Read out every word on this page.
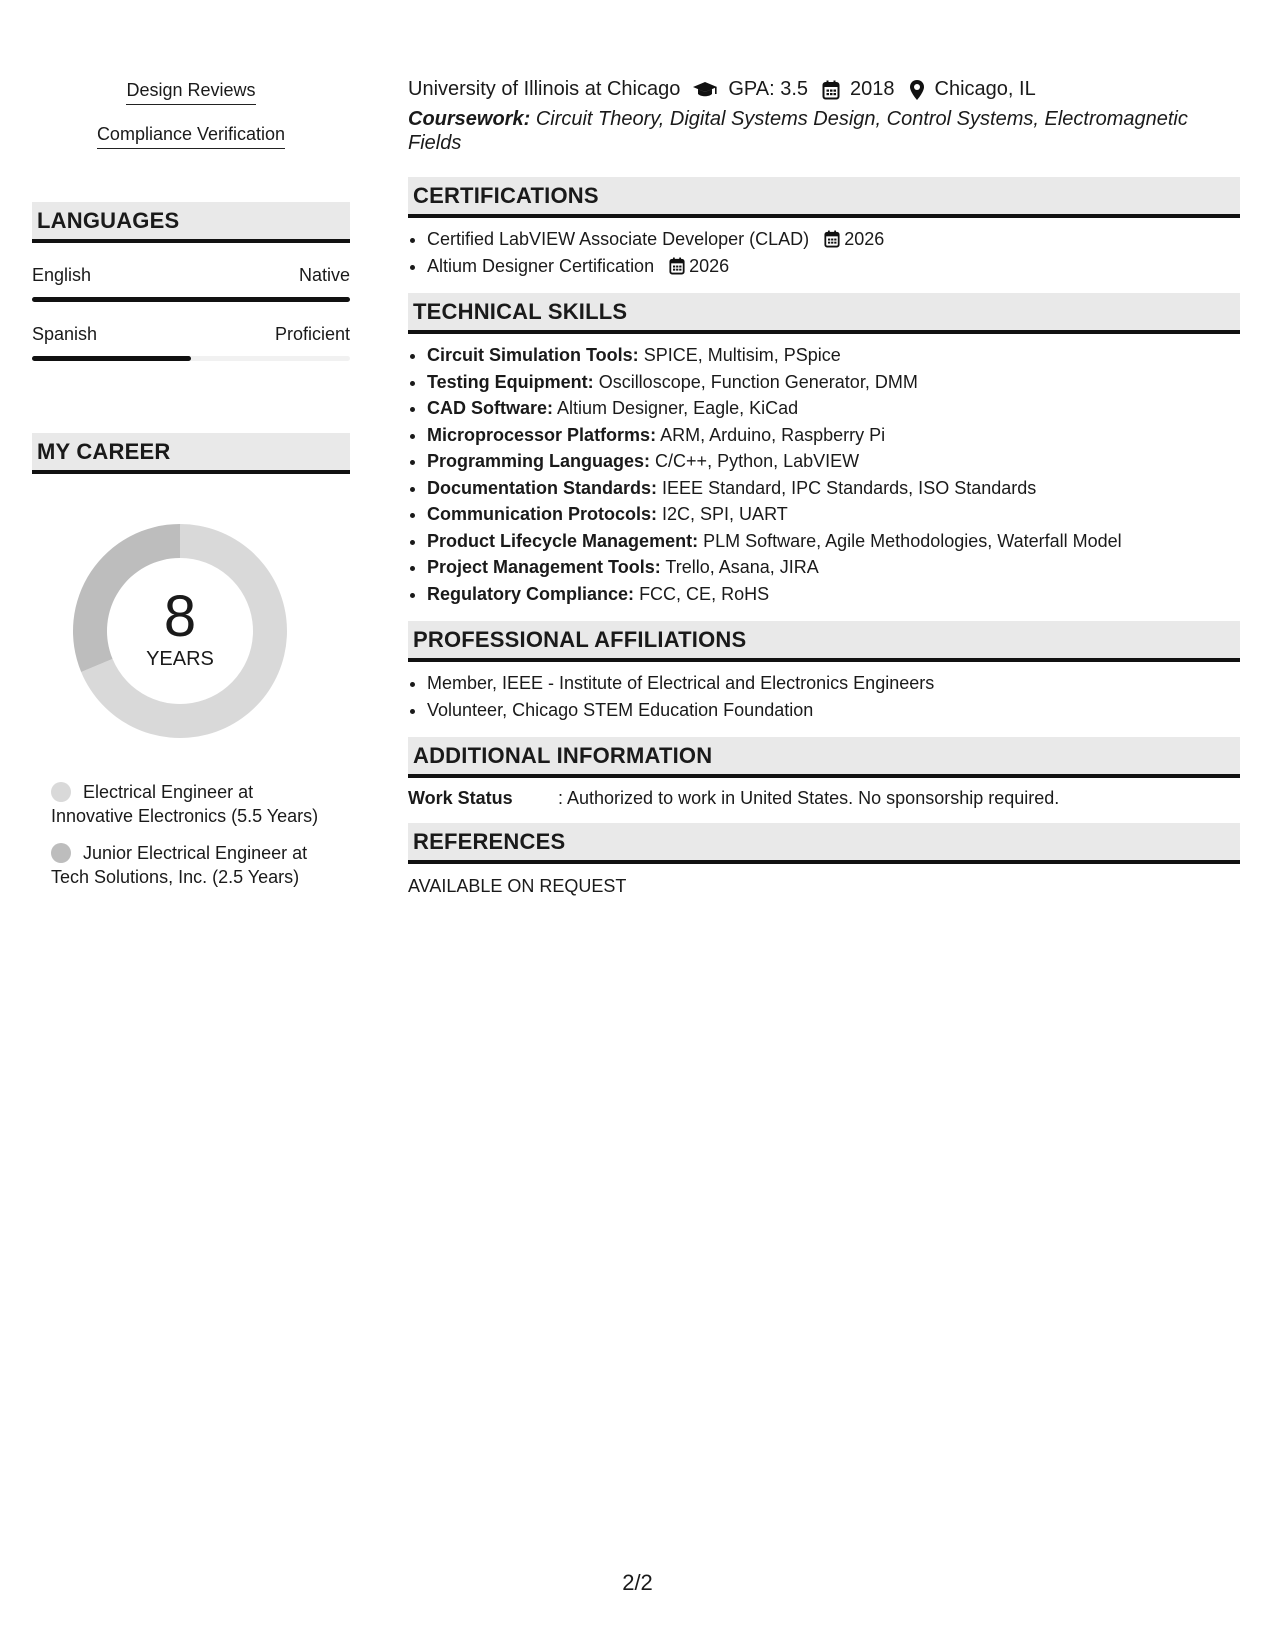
Design Reviews
Compliance Verification
LANGUAGES
English	Native
Spanish	Proficient
MY CAREER
8
YEARS
Electrical Engineer at Innovative Electronics (5.5 Years)
Junior Electrical Engineer at Tech Solutions, Inc. (2.5 Years)
University of Illinois at Chicago GPA: 3.5 2018 Chicago, IL
Coursework: Circuit Theory, Digital Systems Design, Control Systems, Electromagnetic Fields
CERTIFICATIONS
• Certified LabVIEW Associate Developer (CLAD) 2026
• Altium Designer Certification 2026
TECHNICAL SKILLS
• Circuit Simulation Tools: SPICE, Multisim, PSpice
• Testing Equipment: Oscilloscope, Function Generator, DMM
• CAD Software: Altium Designer, Eagle, KiCad
• Microprocessor Platforms: ARM, Arduino, Raspberry Pi
• Programming Languages: C/C++, Python, LabVIEW
• Documentation Standards: IEEE Standard, IPC Standards, ISO Standards
• Communication Protocols: I2C, SPI, UART
• Product Lifecycle Management: PLM Software, Agile Methodologies, Waterfall Model
• Project Management Tools: Trello, Asana, JIRA
• Regulatory Compliance: FCC, CE, RoHS
PROFESSIONAL AFFILIATIONS
• Member, IEEE - Institute of Electrical and Electronics Engineers
• Volunteer, Chicago STEM Education Foundation
ADDITIONAL INFORMATION
Work Status	: Authorized to work in United States. No sponsorship required.
REFERENCES
AVAILABLE ON REQUEST
2/2
